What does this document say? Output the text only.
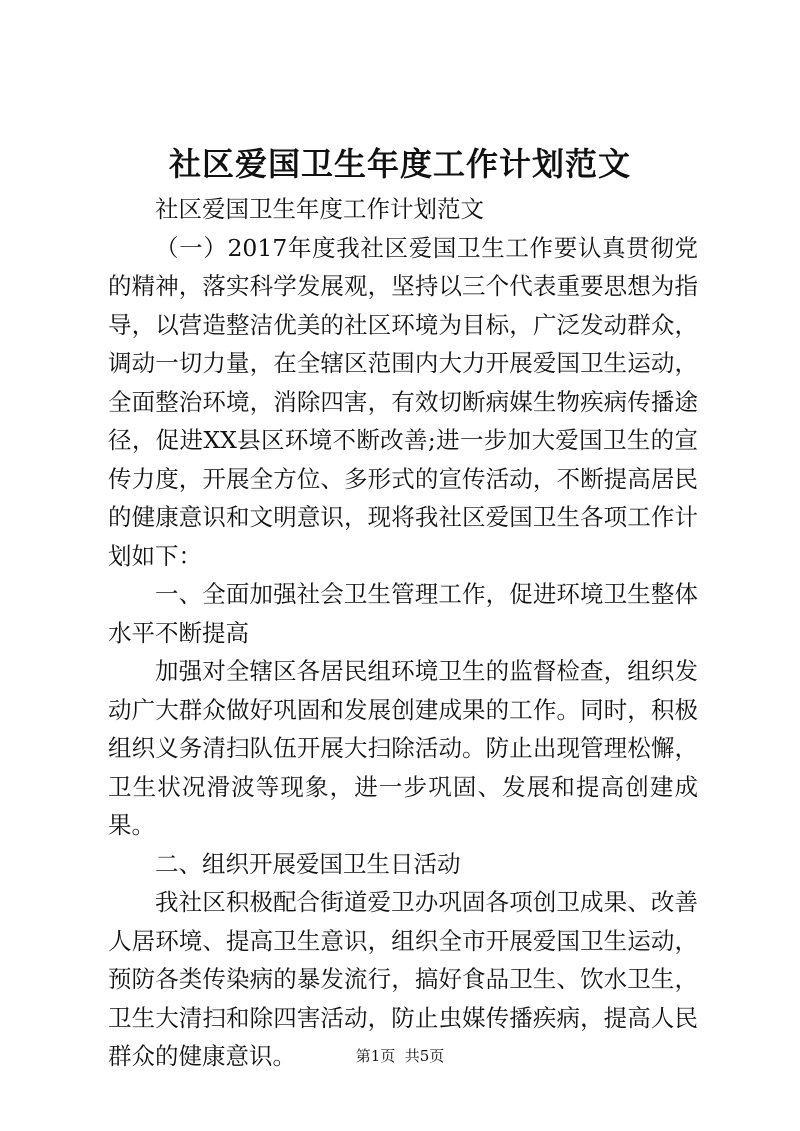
社区爱国卫生年度工作计划范文

社区爱国卫生年度工作计划范文

（一）2017年度我社区爱国卫生工作要认真贯彻党的精神，落实科学发展观，坚持以三个代表重要思想为指导，以营造整洁优美的社区环境为目标，广泛发动群众，调动一切力量，在全辖区范围内大力开展爱国卫生运动，全面整治环境，消除四害，有效切断病媒生物疾病传播途径，促进XX县区环境不断改善;进一步加大爱国卫生的宣传力度，开展全方位、多形式的宣传活动，不断提高居民的健康意识和文明意识，现将我社区爱国卫生各项工作计划如下：

一、全面加强社会卫生管理工作，促进环境卫生整体水平不断提高

加强对全辖区各居民组环境卫生的监督检查，组织发动广大群众做好巩固和发展创建成果的工作。同时，积极组织义务清扫队伍开展大扫除活动。防止出现管理松懈，卫生状况滑波等现象，进一步巩固、发展和提高创建成果。

二、组织开展爱国卫生日活动

我社区积极配合街道爱卫办巩固各项创卫成果、改善人居环境、提高卫生意识，组织全市开展爱国卫生运动，预防各类传染病的暴发流行，搞好食品卫生、饮水卫生，卫生大清扫和除四害活动，防止虫媒传播疾病，提高人民群众的健康意识。	第1页  共5页
